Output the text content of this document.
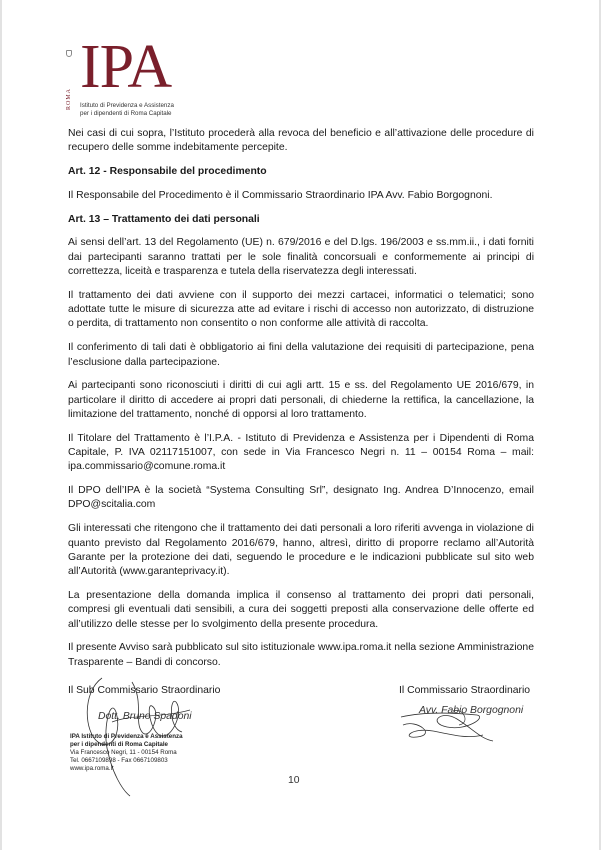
ROMA IPA
Istituto di Previdenza e Assistenza
per i dipendenti di Roma Capitale

Nei casi di cui sopra, l’Istituto procederà alla revoca del beneficio e all’attivazione delle procedure di recupero delle somme indebitamente percepite.

Art. 12 - Responsabile del procedimento

Il Responsabile del Procedimento è il Commissario Straordinario IPA Avv. Fabio Borgognoni.

Art. 13 – Trattamento dei dati personali

Ai sensi dell’art. 13 del Regolamento (UE) n. 679/2016 e del D.lgs. 196/2003 e ss.mm.ii., i dati forniti dai partecipanti saranno trattati per le sole finalità concorsuali e conformemente ai principi di correttezza, liceità e trasparenza e tutela della riservatezza degli interessati.

Il trattamento dei dati avviene con il supporto dei mezzi cartacei, informatici o telematici; sono adottate tutte le misure di sicurezza atte ad evitare i rischi di accesso non autorizzato, di distruzione o perdita, di trattamento non consentito o non conforme alle attività di raccolta.

Il conferimento di tali dati è obbligatorio ai fini della valutazione dei requisiti di partecipazione, pena l’esclusione dalla partecipazione.

Ai partecipanti sono riconosciuti i diritti di cui agli artt. 15 e ss. del Regolamento UE 2016/679, in particolare il diritto di accedere ai propri dati personali, di chiederne la rettifica, la cancellazione, la limitazione del trattamento, nonché di opporsi al loro trattamento.

Il Titolare del Trattamento è l’I.P.A. - Istituto di Previdenza e Assistenza per i Dipendenti di Roma Capitale, P. IVA 02117151007, con sede in Via Francesco Negri n. 11 – 00154 Roma – mail: ipa.commissario@comune.roma.it

Il DPO dell’IPA è la società “Systema Consulting Srl”, designato Ing. Andrea D’Innocenzo, email DPO@scitalia.com

Gli interessati che ritengono che il trattamento dei dati personali a loro riferiti avvenga in violazione di quanto previsto dal Regolamento 2016/679, hanno, altresì, diritto di proporre reclamo all’Autorità Garante per la protezione dei dati, seguendo le procedure e le indicazioni pubblicate sul sito web all’Autorità (www.garanteprivacy.it).

La presentazione della domanda implica il consenso al trattamento dei propri dati personali, compresi gli eventuali dati sensibili, a cura dei soggetti preposti alla conservazione delle offerte ed all’utilizzo delle stesse per lo svolgimento della presente procedura.

Il presente Avviso sarà pubblicato sul sito istituzionale www.ipa.roma.it nella sezione Amministrazione Trasparente – Bandi di concorso.

Il Sub Commissario Straordinario
Dott. Bruno Spadoni
Il Commissario Straordinario
Avv. Fabio Borgognoni
IPA Istituto di Previdenza e Assistenza
per i dipendenti di Roma Capitale
Via Francesco Negri, 11 - 00154 Roma
Tel. 0667109898 - Fax 0667109803
www.ipa.roma.it
10
